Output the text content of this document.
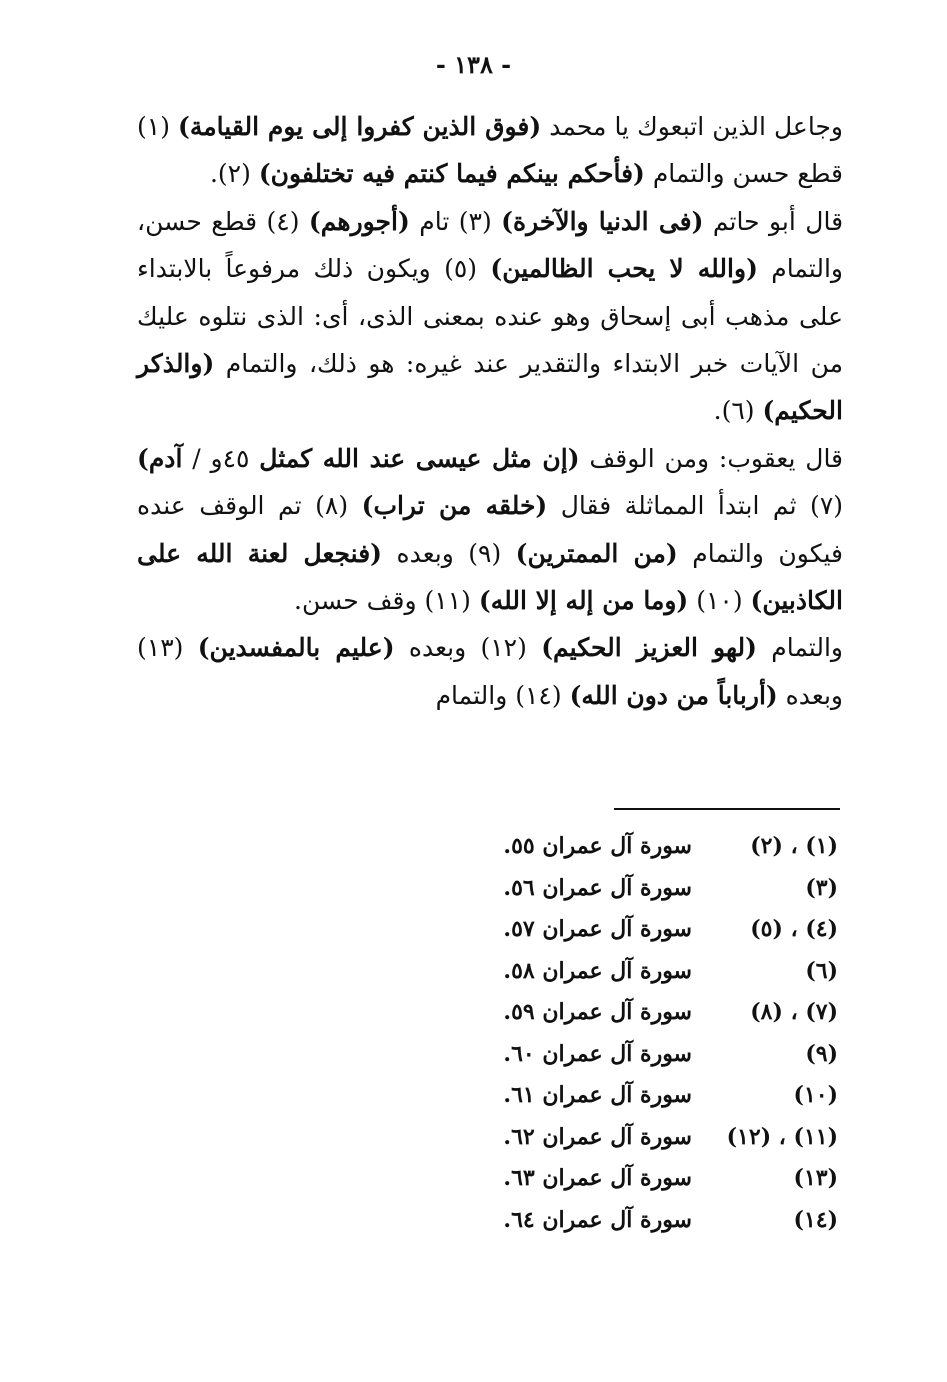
- ١٣٨ -

وجاعل الذين اتبعوك يا محمد (فوق الذين كفروا إلى يوم القيامة) (١) قطع حسن والتمام (فأحكم بينكم فيما كنتم فيه تختلفون) (٢).

قال أبو حاتم (فى الدنيا والآخرة) (٣) تام (أجورهم) (٤) قطع حسن، والتمام (والله لا يحب الظالمين) (٥) ويكون ذلك مرفوعاً بالابتداء على مذهب أبى إسحاق وهو عنده بمعنى الذى، أى: الذى نتلوه عليك من الآيات خبر الابتداء والتقدير عند غيره: هو ذلك، والتمام (والذكر الحكيم) (٦).

قال يعقوب: ومن الوقف (إن مثل عيسى عند الله كمثل ٤٥و / آدم) (٧) ثم ابتدأ المماثلة فقال (خلقه من تراب) (٨) تم الوقف عنده فيكون والتمام (من الممترين) (٩) وبعده (فنجعل لعنة الله على الكاذبين) (١٠) (وما من إله إلا الله) (١١) وقف حسن.

والتمام (لهو العزيز الحكيم) (١٢) وبعده (عليم بالمفسدين) (١٣) وبعده (أرباباً من دون الله) (١٤) والتمام

(١) ، (٢)
سورة آل عمران ٥٥.
(٣)
سورة آل عمران ٥٦.
(٤) ، (٥)
سورة آل عمران ٥٧.
(٦)
سورة آل عمران ٥٨.
(٧) ، (٨)
سورة آل عمران ٥٩.
(٩)
سورة آل عمران ٦٠.
(١٠)
سورة آل عمران ٦١.
(١١) ، (١٢)
سورة آل عمران ٦٢.
(١٣)
سورة آل عمران ٦٣.
(١٤)
سورة آل عمران ٦٤.
